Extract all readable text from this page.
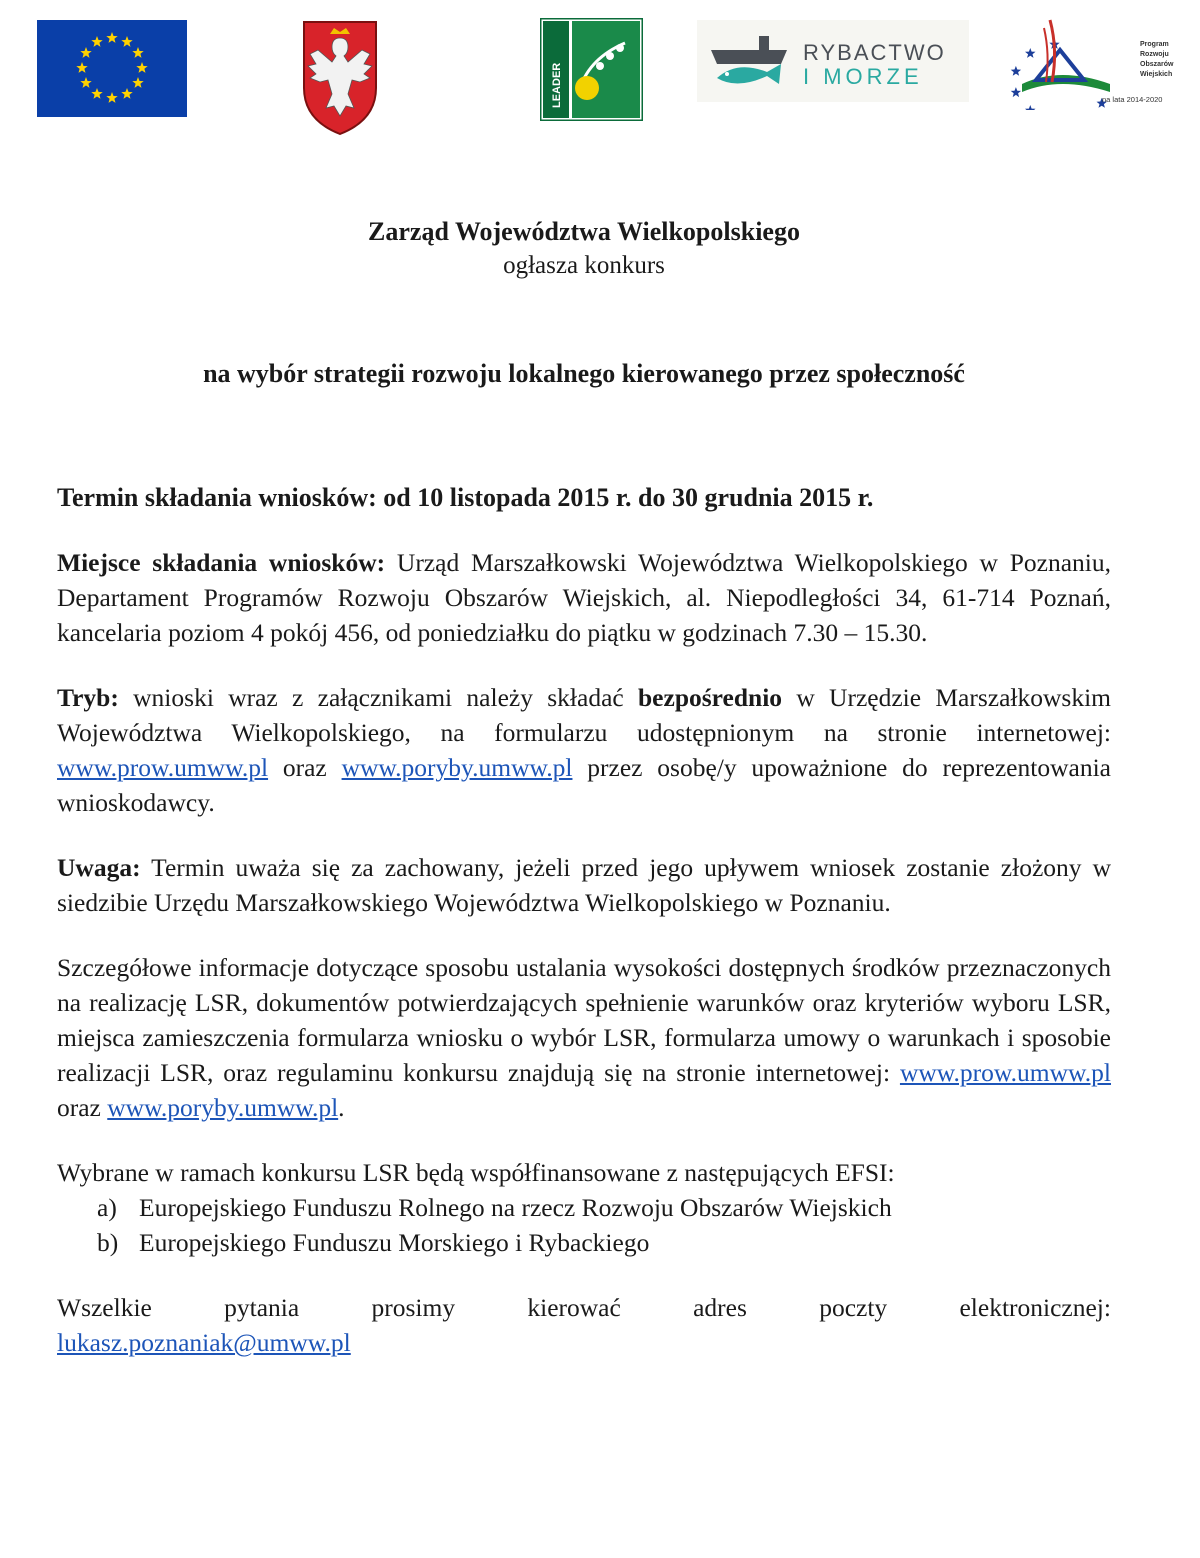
LEADER
RYBACTWO
I MORZE
Program Rozwoju Obszarów Wiejskich
na lata 2014-2020

Zarząd Województwa Wielkopolskiego

ogłasza konkurs

na wybór strategii rozwoju lokalnego kierowanego przez społeczność

Termin składania wniosków: od 10 listopada 2015 r. do 30 grudnia 2015 r.

Miejsce składania wniosków: Urząd Marszałkowski Województwa Wielkopolskiego w Poznaniu, Departament Programów Rozwoju Obszarów Wiejskich, al. Niepodległości 34, 61-714 Poznań, kancelaria poziom 4 pokój 456, od poniedziałku do piątku w godzinach 7.30 – 15.30.

Tryb: wnioski wraz z załącznikami należy składać bezpośrednio w Urzędzie Marszałkowskim Województwa Wielkopolskiego, na formularzu udostępnionym na stronie internetowej: www.prow.umww.pl oraz www.poryby.umww.pl przez osobę/y upoważnione do reprezentowania wnioskodawcy.

Uwaga: Termin uważa się za zachowany, jeżeli przed jego upływem wniosek zostanie złożony w siedzibie Urzędu Marszałkowskiego Województwa Wielkopolskiego w Poznaniu.

Szczegółowe informacje dotyczące sposobu ustalania wysokości dostępnych środków przeznaczonych na realizację LSR, dokumentów potwierdzających spełnienie warunków oraz kryteriów wyboru LSR, miejsca zamieszczenia formularza wniosku o wybór LSR, formularza umowy o warunkach i sposobie realizacji LSR, oraz regulaminu konkursu znajdują się na stronie internetowej: www.prow.umww.pl oraz www.poryby.umww.pl.

Wybrane w ramach konkursu LSR będą współfinansowane z następujących EFSI:

a) Europejskiego Funduszu Rolnego na rzecz Rozwoju Obszarów Wiejskich
b) Europejskiego Funduszu Morskiego i Rybackiego
Wszelkie	pytania	prosimy	kierować	adres	poczty	elektronicznej:

lukasz.poznaniak@umww.pl
